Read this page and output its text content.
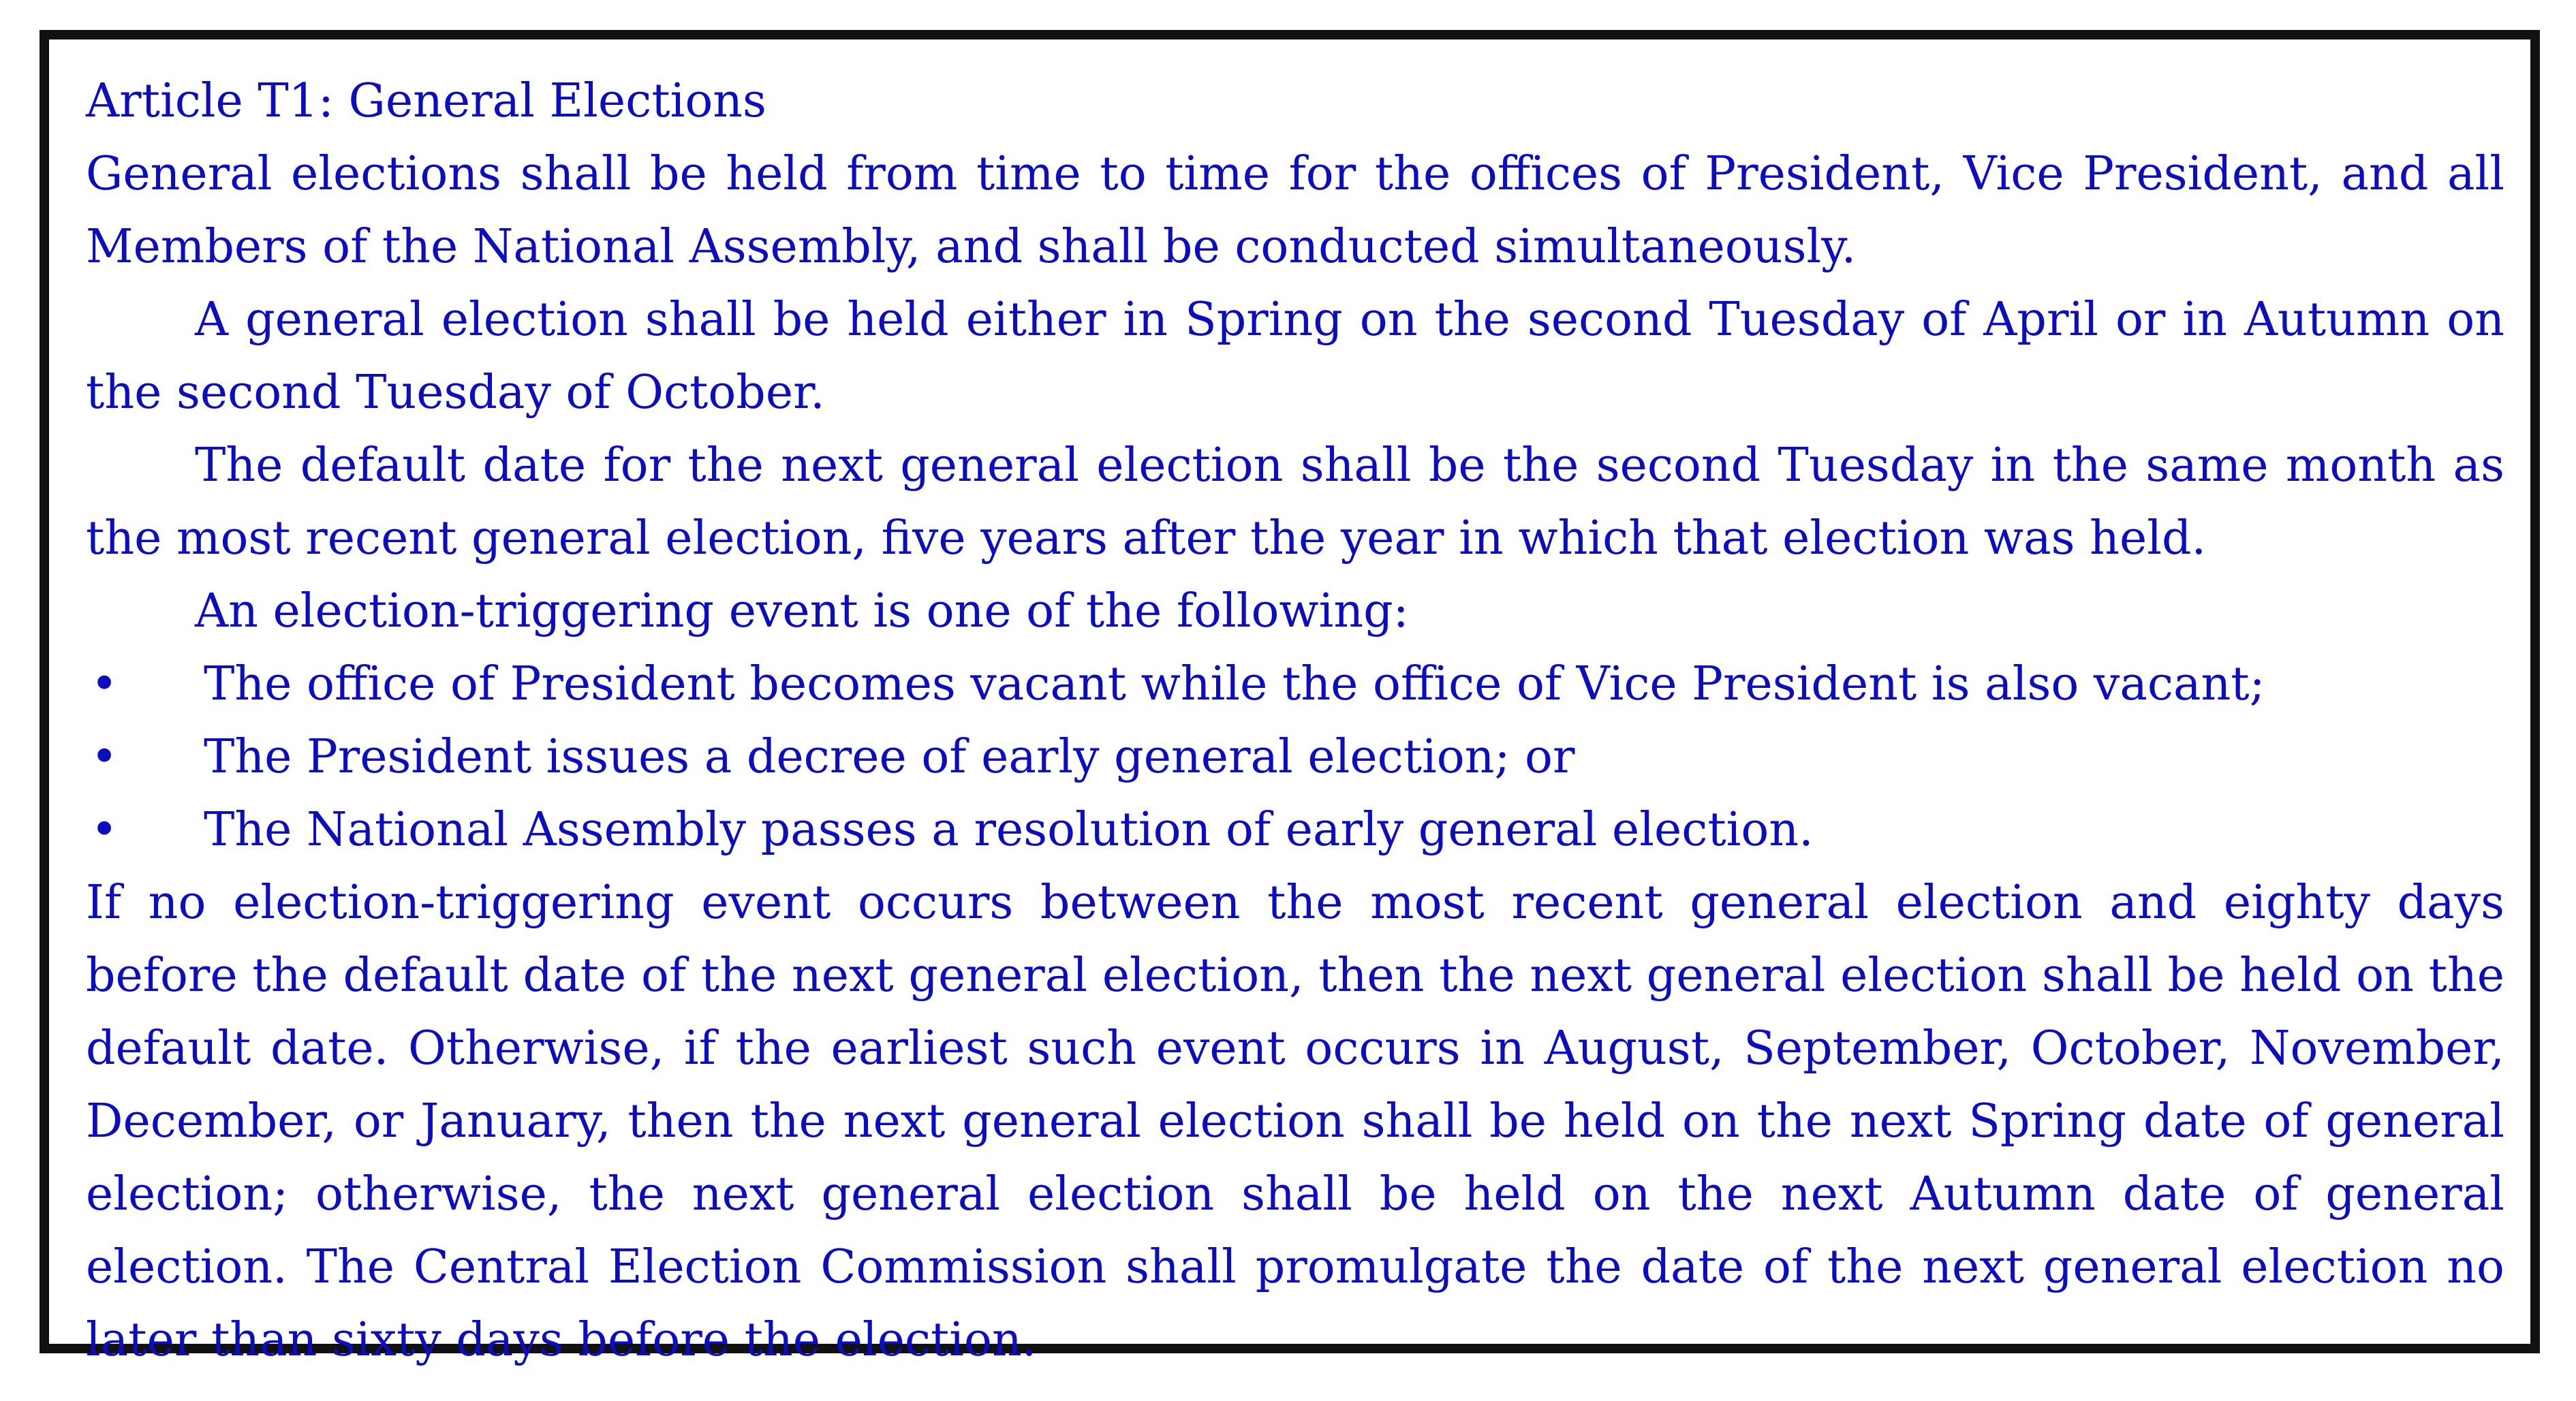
Article T1: General Elections

General elections shall be held from time to time for the offices of President, Vice President, and all Members of the National Assembly, and shall be conducted simultaneously.

A general election shall be held either in Spring on the second Tuesday of April or in Autumn on the second Tuesday of October.

The default date for the next general election shall be the second Tuesday in the same month as the most recent general election, five years after the year in which that election was held.

An election-triggering event is one of the following:

• The office of President becomes vacant while the office of Vice President is also vacant;
• The President issues a decree of early general election; or
• The National Assembly passes a resolution of early general election.

If no election-triggering event occurs between the most recent general election and eighty days before the default date of the next general election, then the next general election shall be held on the default date. Otherwise, if the earliest such event occurs in August, September, October, November, December, or January, then the next general election shall be held on the next Spring date of general election; otherwise, the next general election shall be held on the next Autumn date of general election. The Central Election Commission shall promulgate the date of the next general election no later than sixty days before the election.
